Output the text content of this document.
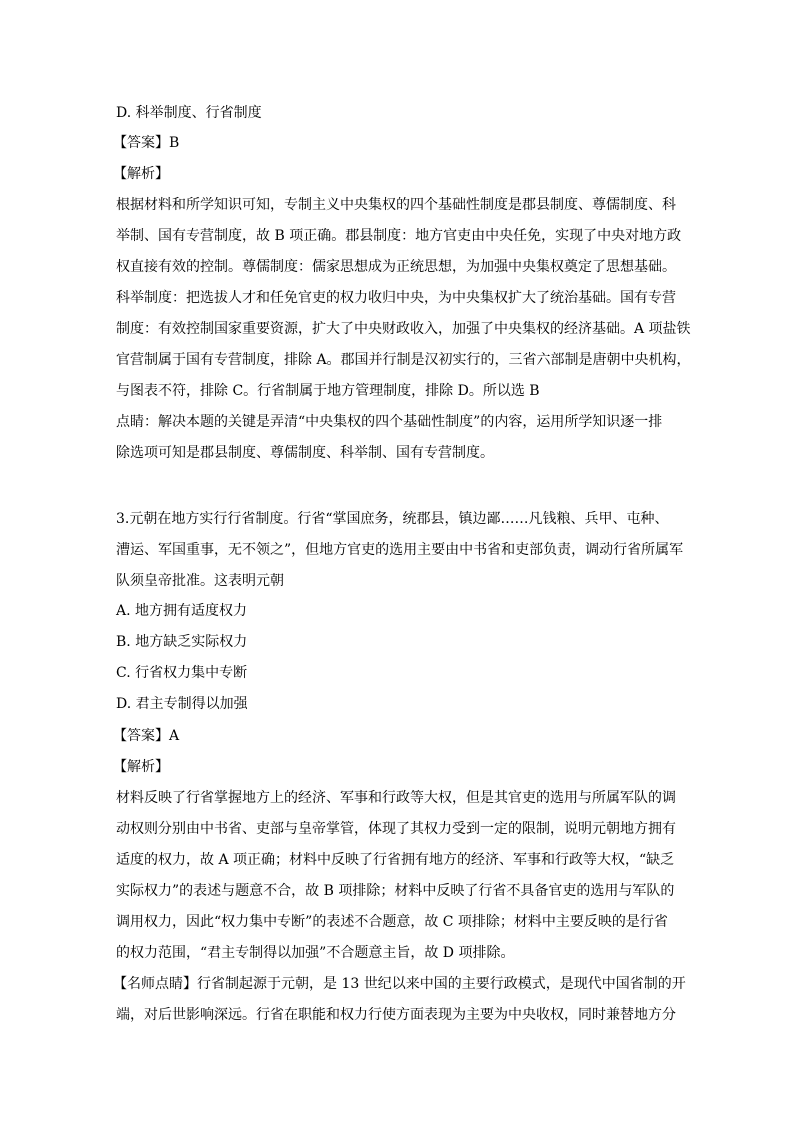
D. 科举制度、行省制度
【答案】B
【解析】
根据材料和所学知识可知，专制主义中央集权的四个基础性制度是郡县制度、尊儒制度、科
举制、国有专营制度，故 B 项正确。郡县制度：地方官吏由中央任免，实现了中央对地方政
权直接有效的控制。尊儒制度：儒家思想成为正统思想，为加强中央集权奠定了思想基础。
科举制度：把选拔人才和任免官吏的权力收归中央，为中央集权扩大了统治基础。国有专营
制度：有效控制国家重要资源，扩大了中央财政收入，加强了中央集权的经济基础。A 项盐铁
官营制属于国有专营制度，排除 A。郡国并行制是汉初实行的，三省六部制是唐朝中央机构，
与图表不符，排除 C。行省制属于地方管理制度，排除 D。所以选 B
点睛：解决本题的关键是弄清“中央集权的四个基础性制度”的内容，运用所学知识逐一排
除选项可知是郡县制度、尊儒制度、科举制、国有专营制度。
3.元朝在地方实行行省制度。行省“掌国庶务，统郡县，镇边鄙……凡钱粮、兵甲、屯种、
漕运、军国重事，无不领之”，但地方官吏的选用主要由中书省和吏部负责，调动行省所属军
队须皇帝批准。这表明元朝
A. 地方拥有适度权力
B. 地方缺乏实际权力
C. 行省权力集中专断
D. 君主专制得以加强
【答案】A
【解析】
材料反映了行省掌握地方上的经济、军事和行政等大权，但是其官吏的选用与所属军队的调
动权则分别由中书省、吏部与皇帝掌管，体现了其权力受到一定的限制，说明元朝地方拥有
适度的权力，故 A 项正确；材料中反映了行省拥有地方的经济、军事和行政等大权，“缺乏
实际权力”的表述与题意不合，故 B 项排除；材料中反映了行省不具备官吏的选用与军队的
调用权力，因此“权力集中专断”的表述不合题意，故 C 项排除；材料中主要反映的是行省
的权力范围，“君主专制得以加强”不合题意主旨，故 D 项排除。
【名师点睛】行省制起源于元朝，是 13 世纪以来中国的主要行政模式，是现代中国省制的开
端，对后世影响深远。行省在职能和权力行使方面表现为主要为中央收权，同时兼替地方分
